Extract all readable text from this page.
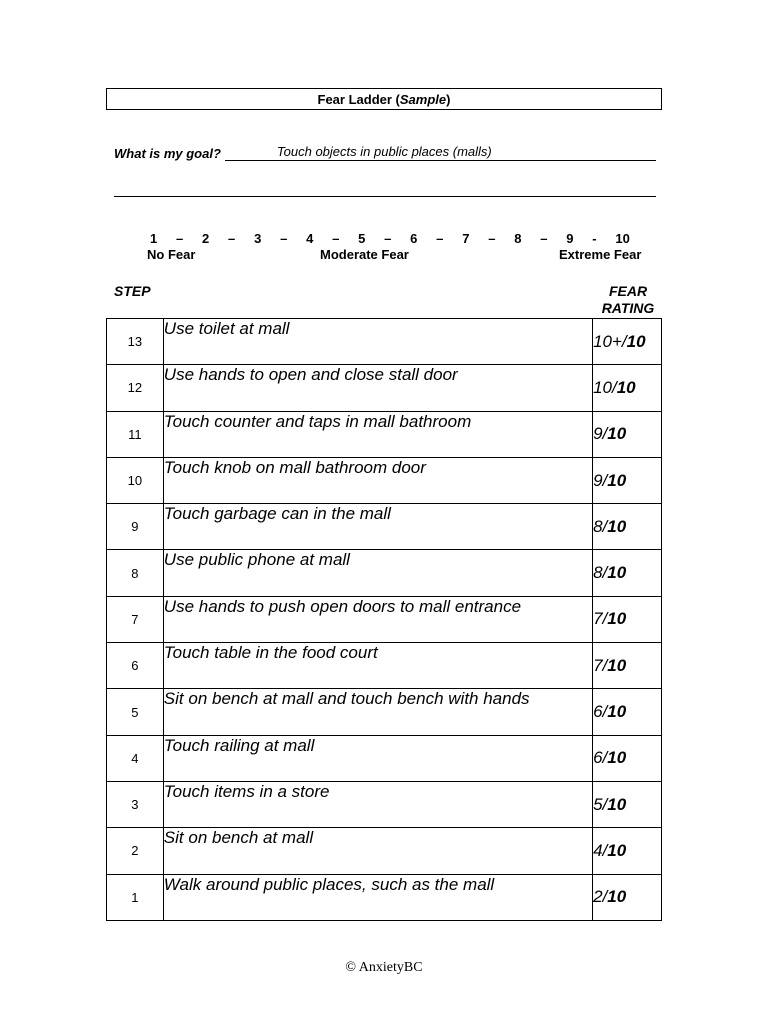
Fear Ladder ( Sample )
What is my goal?	Touch objects in public places (malls)
1 – 2 – 3 – 4 – 5 – 6 – 7 – 8 – 9 - 10
No Fear	Moderate Fear	Extreme Fear
STEP	FEAR
RATING
13	Use toilet at mall	10+/10
12	Use hands to open and close stall door	10/10
11	Touch counter and taps in mall bathroom	9/10
10	Touch knob on mall bathroom door	9/10
9	Touch garbage can in the mall	8/10
8	Use public phone at mall	8/10
7	Use hands to push open doors to mall entrance	7/10
6	Touch table in the food court	7/10
5	Sit on bench at mall and touch bench with hands	6/10
4	Touch railing at mall	6/10
3	Touch items in a store	5/10
2	Sit on bench at mall	4/10
1	Walk around public places, such as the mall	2/10
© AnxietyBC
